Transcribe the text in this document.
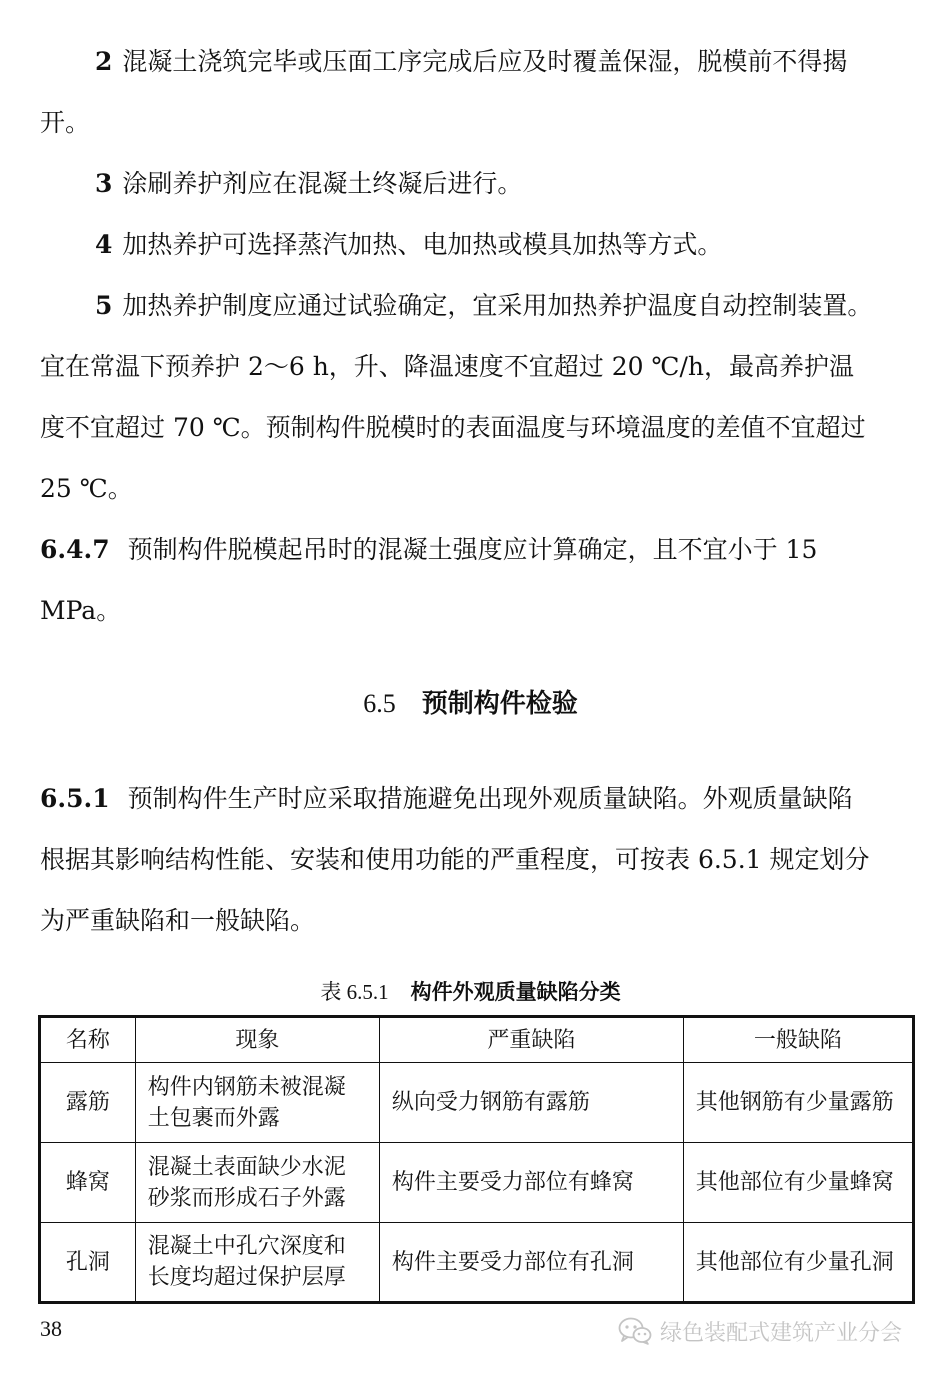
2 混凝土浇筑完毕或压面工序完成后应及时覆盖保湿，脱模前不得揭开。

3 涂刷养护剂应在混凝土终凝后进行。

4 加热养护可选择蒸汽加热、电加热或模具加热等方式。

5 加热养护制度应通过试验确定，宜采用加热养护温度自动控制装置。宜在常温下预养护 2～6 h，升、降温速度不宜超过 20 ℃/h，最高养护温度不宜超过 70 ℃。预制构件脱模时的表面温度与环境温度的差值不宜超过 25 ℃。

6.4.7 预制构件脱模起吊时的混凝土强度应计算确定，且不宜小于 15 MPa。

6.5 预制构件检验

6.5.1 预制构件生产时应采取措施避免出现外观质量缺陷。外观质量缺陷根据其影响结构性能、安装和使用功能的严重程度，可按表 6.5.1 规定划分为严重缺陷和一般缺陷。

表 6.5.1 构件外观质量缺陷分类
名称	现象	严重缺陷	一般缺陷
露筋	构件内钢筋未被混凝土包裹而外露	纵向受力钢筋有露筋	其他钢筋有少量露筋
蜂窝	混凝土表面缺少水泥砂浆而形成石子外露	构件主要受力部位有蜂窝	其他部位有少量蜂窝
孔洞	混凝土中孔穴深度和长度均超过保护层厚	构件主要受力部位有孔洞	其他部位有少量孔洞
38	绿色装配式建筑产业分会
